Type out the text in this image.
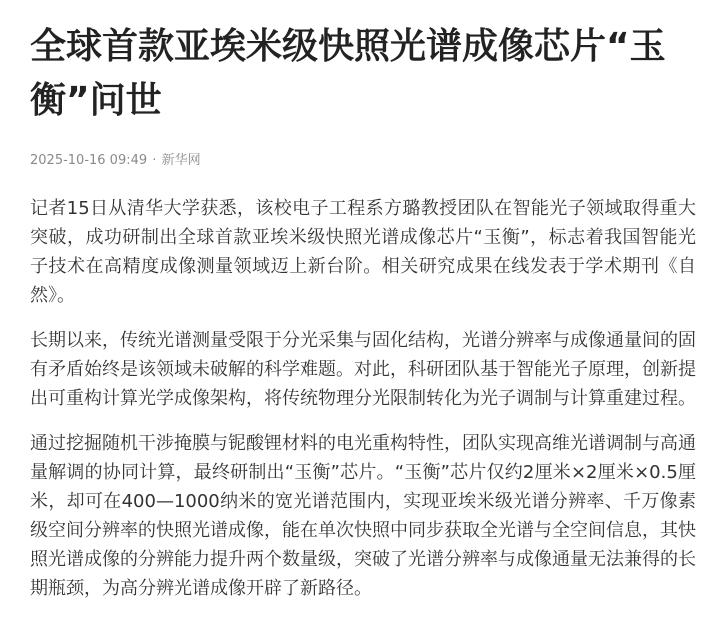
全球首款亚埃米级快照光谱成像芯片“玉衡”问世
2025-10-16 09:49 · 新华网

记者15日从清华大学获悉，该校电子工程系方璐教授团队在智能光子领域取得重大突破，成功研制出全球首款亚埃米级快照光谱成像芯片“玉衡”，标志着我国智能光子技术在高精度成像测量领域迈上新台阶。相关研究成果在线发表于学术期刊《自然》。

长期以来，传统光谱测量受限于分光采集与固化结构，光谱分辨率与成像通量间的固有矛盾始终是该领域未破解的科学难题。对此，科研团队基于智能光子原理，创新提出可重构计算光学成像架构，将传统物理分光限制转化为光子调制与计算重建过程。

通过挖掘随机干涉掩膜与铌酸锂材料的电光重构特性，团队实现高维光谱调制与高通量解调的协同计算，最终研制出“玉衡”芯片。“玉衡”芯片仅约2厘米×2厘米×0.5厘米，却可在400—1000纳米的宽光谱范围内，实现亚埃米级光谱分辨率、千万像素级空间分辨率的快照光谱成像，能在单次快照中同步获取全光谱与全空间信息，其快照光谱成像的分辨能力提升两个数量级，突破了光谱分辨率与成像通量无法兼得的长期瓶颈，为高分辨光谱成像开辟了新路径。
